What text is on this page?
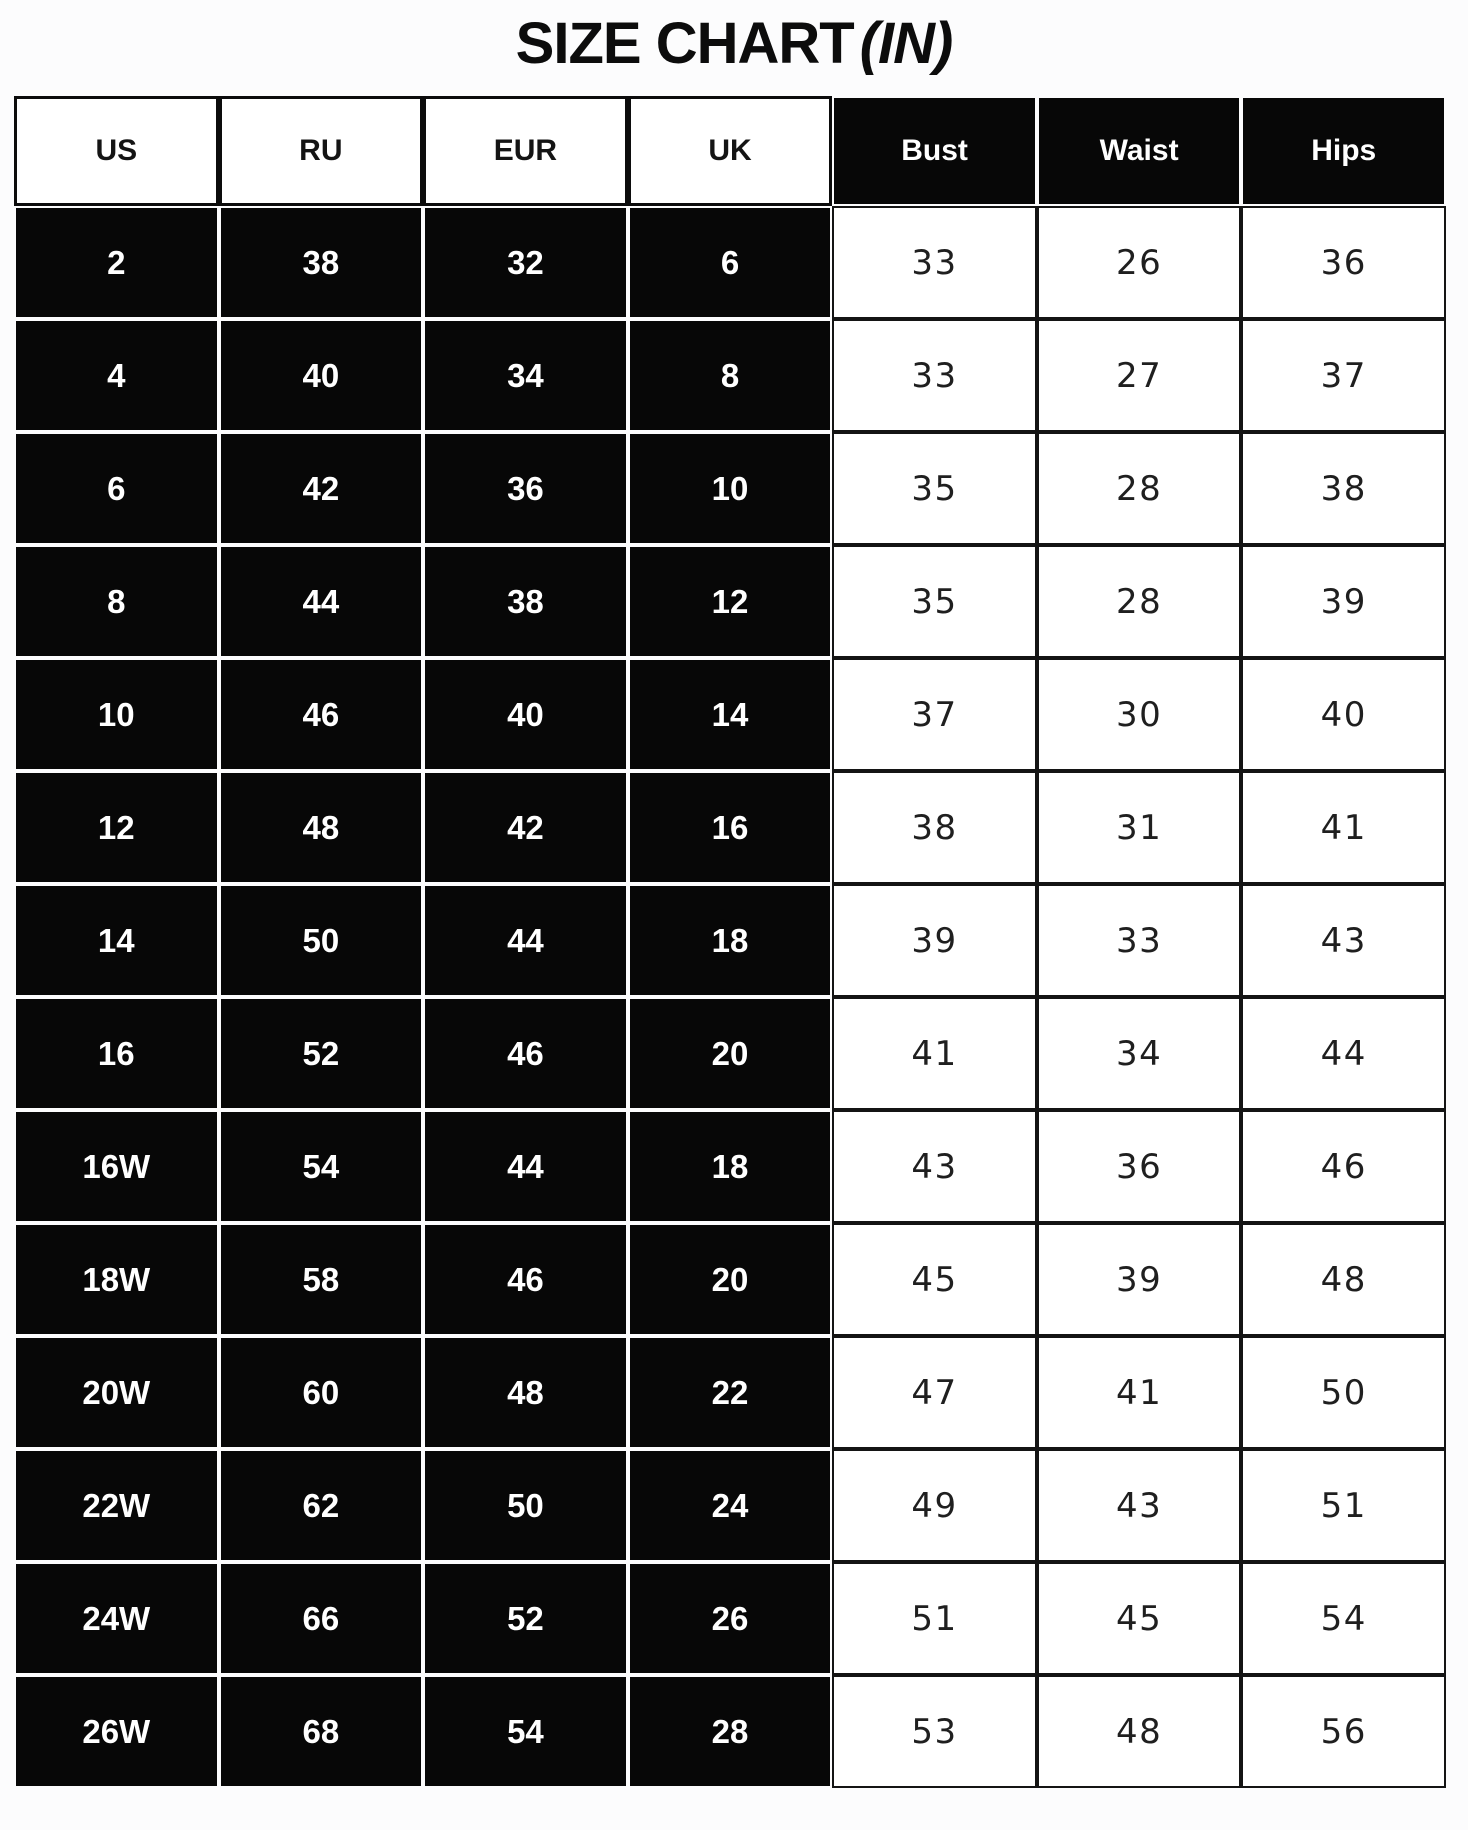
SIZE CHART (IN)
US	RU	EUR	UK	Bust	Waist	Hips
2	38	32	6	33	26	36
4	40	34	8	33	27	37
6	42	36	10	35	28	38
8	44	38	12	35	28	39
10	46	40	14	37	30	40
12	48	42	16	38	31	41
14	50	44	18	39	33	43
16	52	46	20	41	34	44
16W	54	44	18	43	36	46
18W	58	46	20	45	39	48
20W	60	48	22	47	41	50
22W	62	50	24	49	43	51
24W	66	52	26	51	45	54
26W	68	54	28	53	48	56
